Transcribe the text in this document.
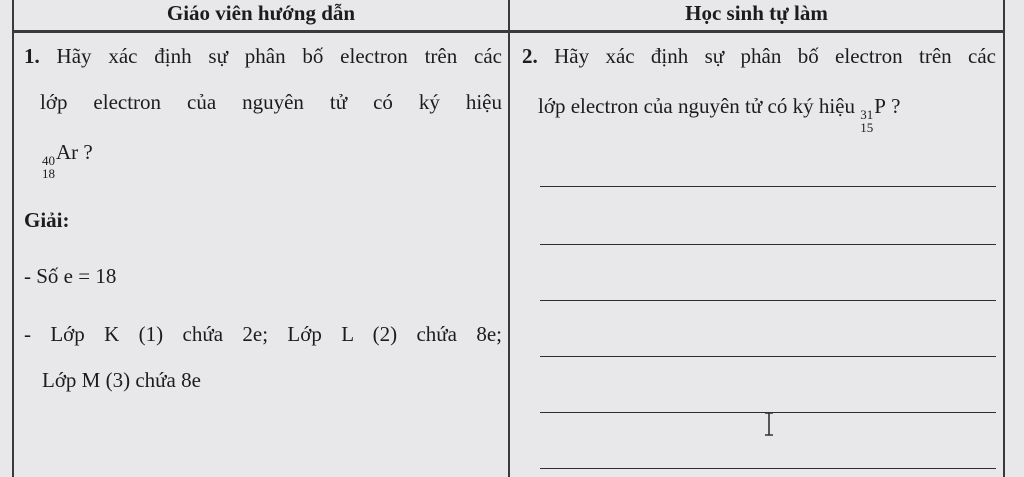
Giáo viên hướng dẫn	Học sinh tự làm
1. Hãy xác định sự phân bố electron trên các
lớp electron của nguyên tử có ký hiệu
40
18
Ar ?
Giải:
- Số e = 18
- Lớp K (1) chứa 2e; Lớp L (2) chứa 8e;
Lớp M (3) chứa 8e
2. Hãy xác định sự phân bố electron trên các
lớp electron của nguyên tử có ký hiệu 31
15
P ?
